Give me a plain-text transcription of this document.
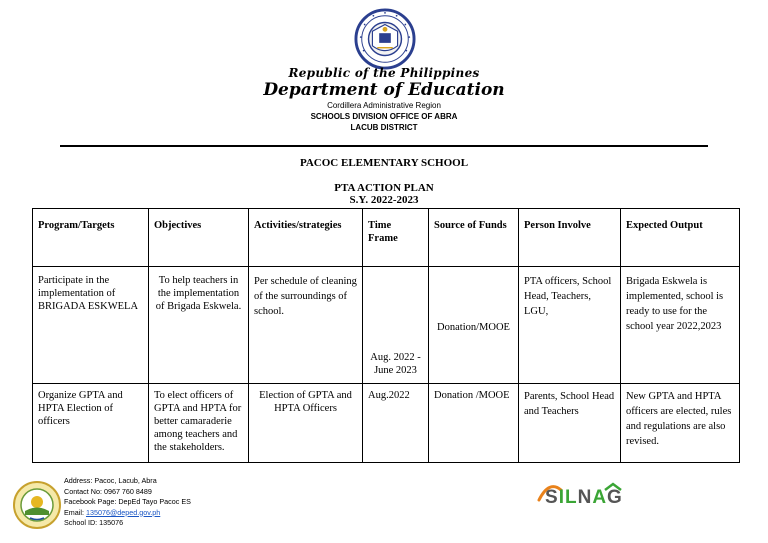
Republic of the Philippines
Department of Education
Cordillera Administrative Region
SCHOOLS DIVISION OFFICE OF ABRA
LACUB DISTRICT
PACOC ELEMENTARY SCHOOL
PTA ACTION PLAN
S.Y. 2022-2023
Program/Targets	Objectives	Activities/strategies	Time Frame	Source of Funds	Person Involve	Expected Output
Participate in the implementation of BRIGADA ESKWELA	To help teachers in the implementation of Brigada Eskwela.	Per schedule of cleaning of the surroundings of school.	Aug. 2022 - June 2023	Donation/MOOE	PTA officers, School Head, Teachers, LGU,	Brigada Eskwela is implemented, school is ready to use for the school year 2022,2023
Organize GPTA and HPTA Election of officers	To elect officers of GPTA and HPTA for better camaraderie among teachers and the stakeholders.	Election of GPTA and HPTA Officers	Aug.2022	Donation /MOOE	Parents, School Head and Teachers	New GPTA and HPTA officers are elected, rules and regulations are also revised.
Address: Pacoc, Lacub, Abra
Contact No: 0967 760 8489
Facebook Page: DepEd Tayo Pacoc ES
Email: 135076@deped.gov.ph
School ID: 135076
SILNAG
